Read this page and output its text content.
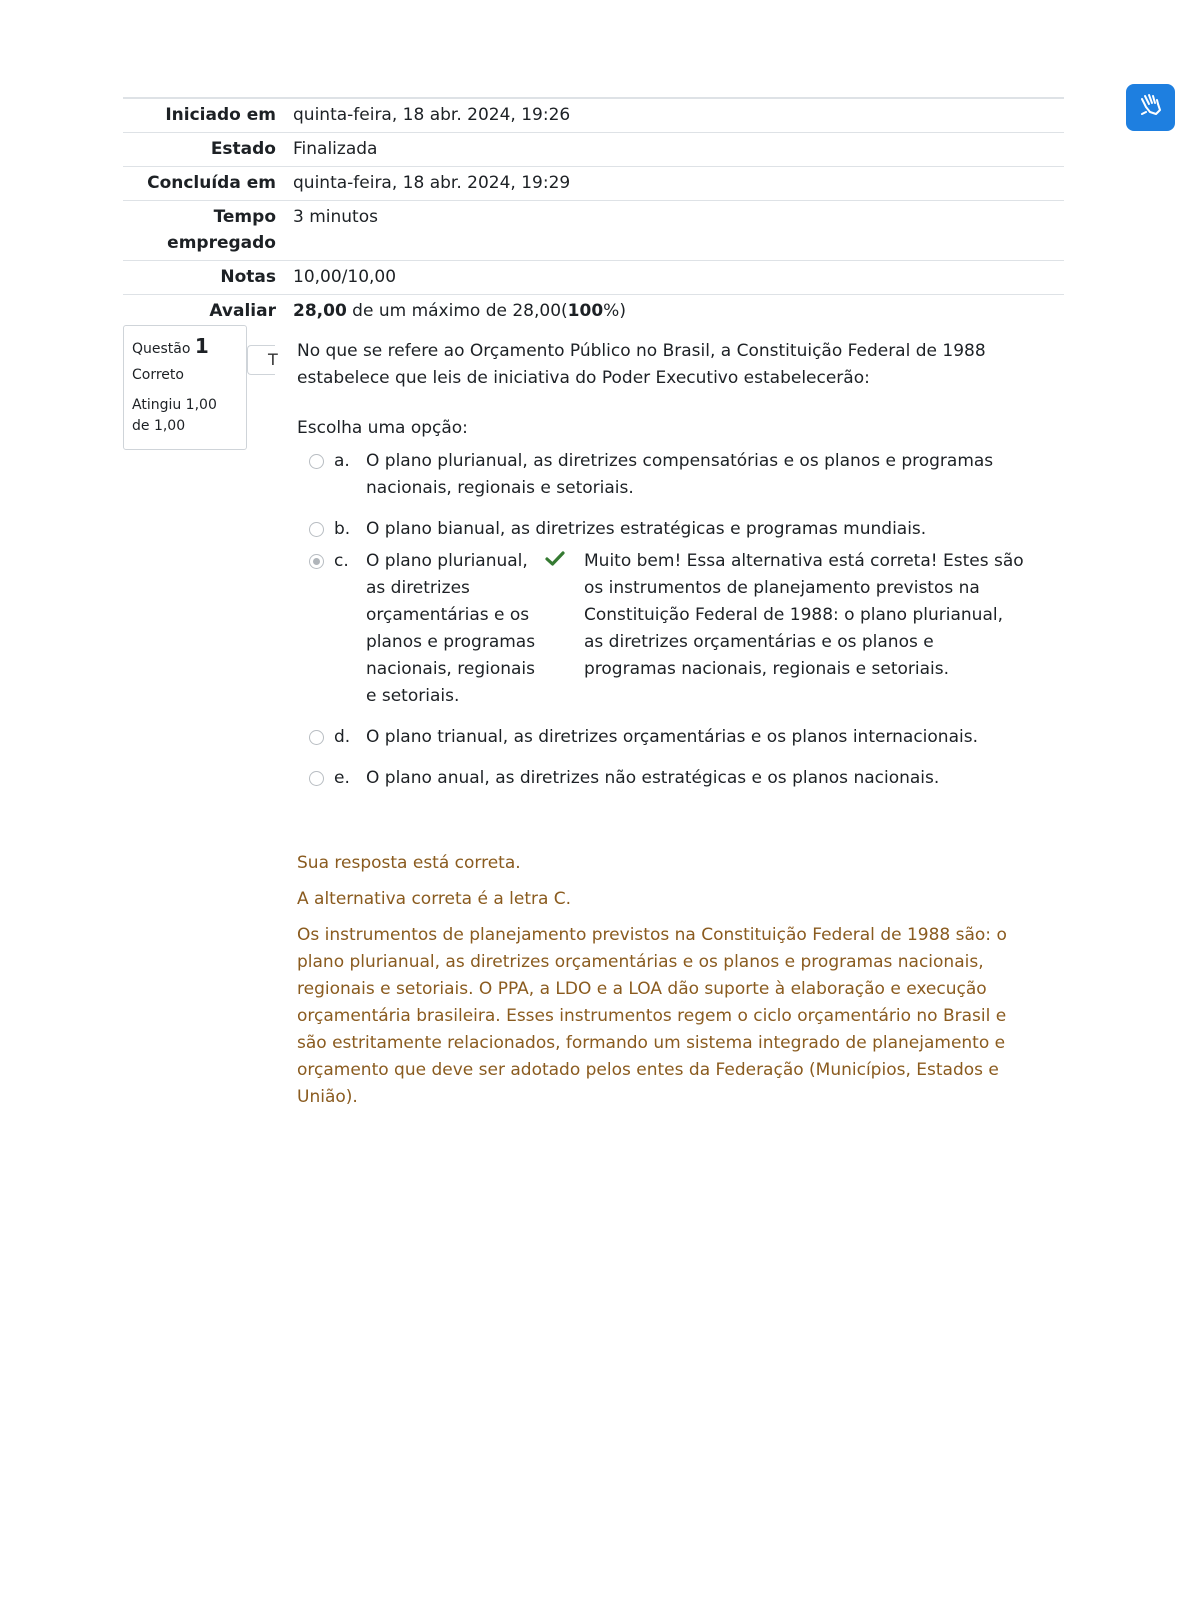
Iniciado em	quinta-feira, 18 abr. 2024, 19:26
Estado	Finalizada
Concluída em	quinta-feira, 18 abr. 2024, 19:29
Tempo
empregado	3 minutos
Notas	10,00/10,00
Avaliar	28,00 de um máximo de 28,00(100%)
Questão 1
Correto
Atingiu 1,00 de 1,00
T No que se refere ao Orçamento Público no Brasil, a Constituição Federal de 1988 estabelece que leis de iniciativa do Poder Executivo estabelecerão:

Escolha uma opção:
a. O plano plurianual, as diretrizes compensatórias e os planos e programas nacionais, regionais e setoriais.
b. O plano bianual, as diretrizes estratégicas e programas mundiais.
c.	O plano plurianual, as diretrizes orçamentárias e os planos e programas nacionais, regionais e setoriais.
Muito bem! Essa alternativa está correta! Estes são os instrumentos de planejamento previstos na Constituição Federal de 1988: o plano plurianual, as diretrizes orçamentárias e os planos e programas nacionais, regionais e setoriais.
d. O plano trianual, as diretrizes orçamentárias e os planos internacionais.
e. O plano anual, as diretrizes não estratégicas e os planos nacionais.

Sua resposta está correta.

A alternativa correta é a letra C.

Os instrumentos de planejamento previstos na Constituição Federal de 1988 são: o plano plurianual, as diretrizes orçamentárias e os planos e programas nacionais, regionais e setoriais. O PPA, a LDO e a LOA dão suporte à elaboração e execução orçamentária brasileira. Esses instrumentos regem o ciclo orçamentário no Brasil e são estritamente relacionados, formando um sistema integrado de planejamento e orçamento que deve ser adotado pelos entes da Federação (Municípios, Estados e União).
